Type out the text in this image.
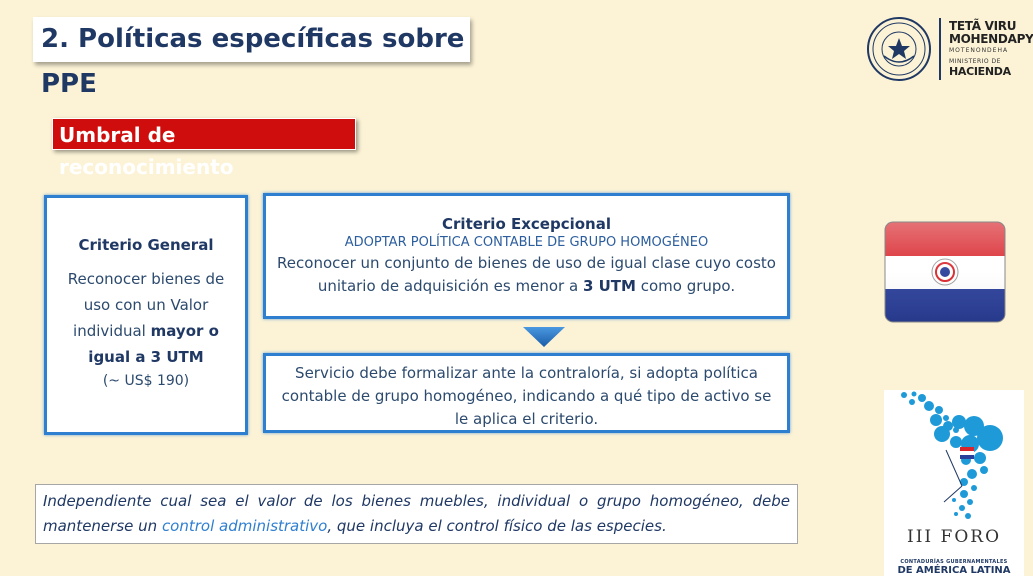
2. Políticas específicas sobre PPE
TETÃ VIRU
MOHENDAPY
MOTENONDEHA
MINISTERIO DE
HACIENDA
Umbral de reconocimiento
Criterio General
Reconocer bienes de uso con un Valor individual mayor o igual a 3 UTM
(~ US$ 190)
Criterio Excepcional
ADOPTAR POLÍTICA CONTABLE DE GRUPO HOMOGÉNEO
Reconocer un conjunto de bienes de uso de igual clase cuyo costo unitario de adquisición es menor a 3 UTM como grupo.
Servicio debe formalizar ante la contraloría, si adopta política contable de grupo homogéneo, indicando a qué tipo de activo se le aplica el criterio.
III FORO
CONTADURÍAS GUBERNAMENTALES
DE AMÉRICA LATINA
Independiente cual sea el valor de los bienes muebles, individual o grupo homogéneo, debe mantenerse un control administrativo, que incluya el control físico de las especies.
